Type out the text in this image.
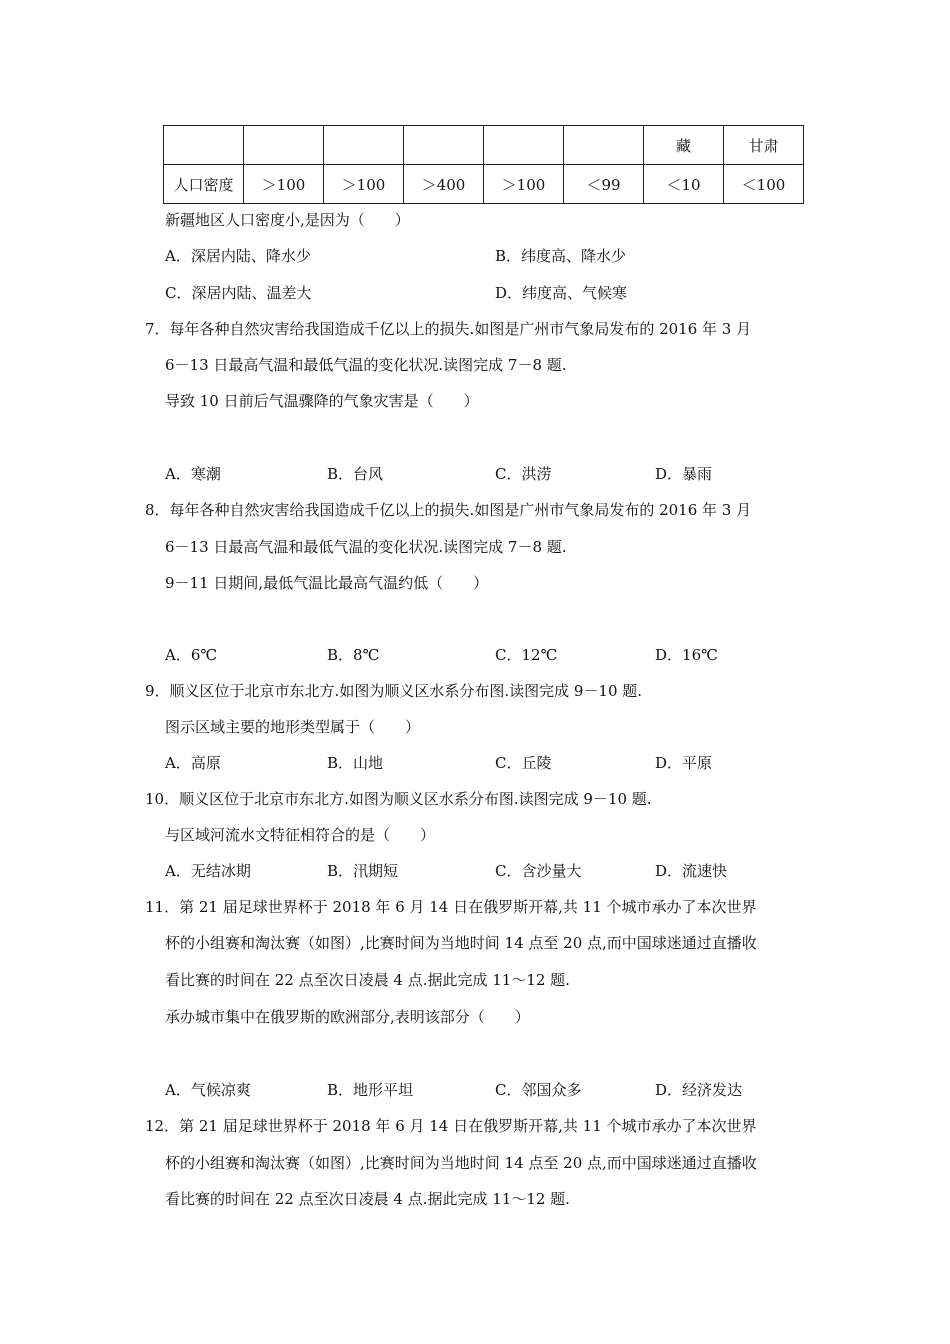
						藏	甘肃
人口密度	＞100	＞100	＞400	＞100	＜99	＜10	＜100
新疆地区人口密度小,是因为（　　）
A．深居内陆、降水少	B．纬度高、降水少
C．深居内陆、温差大	D．纬度高、气候寒
7．每年各种自然灾害给我国造成千亿以上的损失.如图是广州市气象局发布的 2016 年 3 月
6－13 日最高气温和最低气温的变化状况.读图完成 7－8 题.
导致 10 日前后气温骤降的气象灾害是（　　）
A．寒潮	B．台风	C．洪涝	D．暴雨
8．每年各种自然灾害给我国造成千亿以上的损失.如图是广州市气象局发布的 2016 年 3 月
6－13 日最高气温和最低气温的变化状况.读图完成 7－8 题.
9－11 日期间,最低气温比最高气温约低（　　）
A．6℃	B．8℃	C．12℃	D．16℃
9．顺义区位于北京市东北方.如图为顺义区水系分布图.读图完成 9－10 题.
图示区域主要的地形类型属于（　　）
A．高原	B．山地	C．丘陵	D．平原
10．顺义区位于北京市东北方.如图为顺义区水系分布图.读图完成 9－10 题.
与区域河流水文特征相符合的是（　　）
A．无结冰期	B．汛期短	C．含沙量大	D．流速快
11．第 21 届足球世界杯于 2018 年 6 月 14 日在俄罗斯开幕,共 11 个城市承办了本次世界
杯的小组赛和淘汰赛（如图）,比赛时间为当地时间 14 点至 20 点,而中国球迷通过直播收
看比赛的时间在 22 点至次日凌晨 4 点.据此完成 11～12 题.
承办城市集中在俄罗斯的欧洲部分,表明该部分（　　）
A．气候凉爽	B．地形平坦	C．邻国众多	D．经济发达
12．第 21 届足球世界杯于 2018 年 6 月 14 日在俄罗斯开幕,共 11 个城市承办了本次世界
杯的小组赛和淘汰赛（如图）,比赛时间为当地时间 14 点至 20 点,而中国球迷通过直播收
看比赛的时间在 22 点至次日凌晨 4 点.据此完成 11～12 题.
